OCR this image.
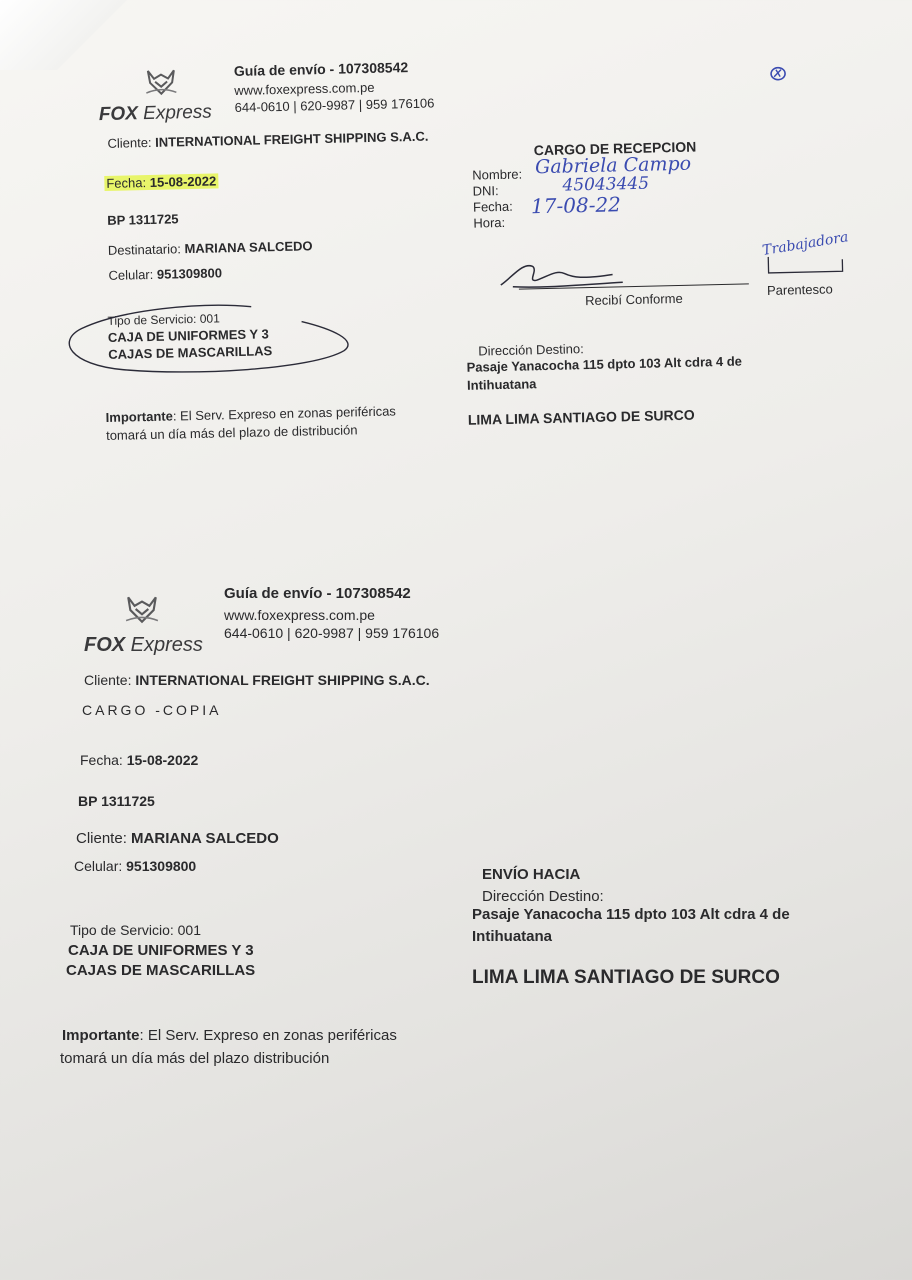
FOX Express
Guía de envío - 107308542
www.foxexpress.com.pe
644-0610 | 620-9987 | 959 176106
Cliente: INTERNATIONAL FREIGHT SHIPPING S.A.C.
Fecha: 15-08-2022
BP 1311725
Destinatario: MARIANA SALCEDO
Celular: 951309800
Tipo de Servicio: 001
CAJA DE UNIFORMES Y 3
CAJAS DE MASCARILLAS
Importante: El Serv. Expreso en zonas periféricas
tomará un día más del plazo de distribución
CARGO DE RECEPCION
Nombre:
DNI:
Fecha:
Hora:
Gabriela Campo
45043445
17-08-22
Trabajadora
Recibí Conforme
Parentesco
Dirección Destino:
Pasaje Yanacocha 115 dpto 103 Alt cdra 4 de
Intihuatana
LIMA LIMA SANTIAGO DE SURCO
FOX Express
Guía de envío - 107308542
www.foxexpress.com.pe
644-0610 | 620-9987 | 959 176106
Cliente: INTERNATIONAL FREIGHT SHIPPING S.A.C.
CARGO -COPIA
Fecha: 15-08-2022
BP 1311725
Cliente: MARIANA SALCEDO
Celular: 951309800	ENVÍO HACIA
Dirección Destino:
Pasaje Yanacocha 115 dpto 103 Alt cdra 4 de
Intihuatana
LIMA LIMA SANTIAGO DE SURCO
Tipo de Servicio: 001
CAJA DE UNIFORMES Y 3
CAJAS DE MASCARILLAS
Importante: El Serv. Expreso en zonas periféricas
tomará un día más del plazo distribución
